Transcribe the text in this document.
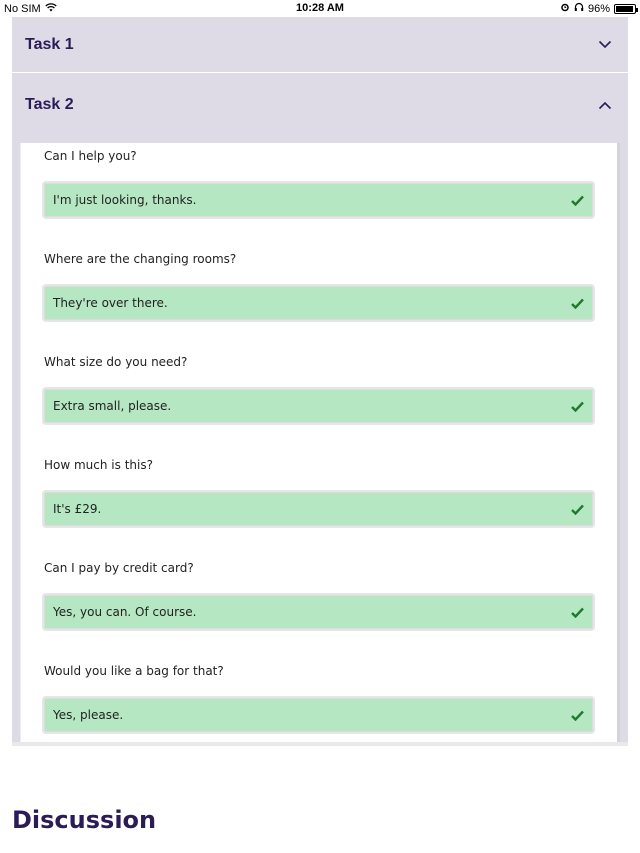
No SIM	10:28 AM	96%
Task 1
Task 2
Can I help you?
I'm just looking, thanks.
Where are the changing rooms?
They're over there.
What size do you need?
Extra small, please.
How much is this?
It's £29.
Can I pay by credit card?
Yes, you can. Of course.
Would you like a bag for that?
Yes, please.
Discussion
